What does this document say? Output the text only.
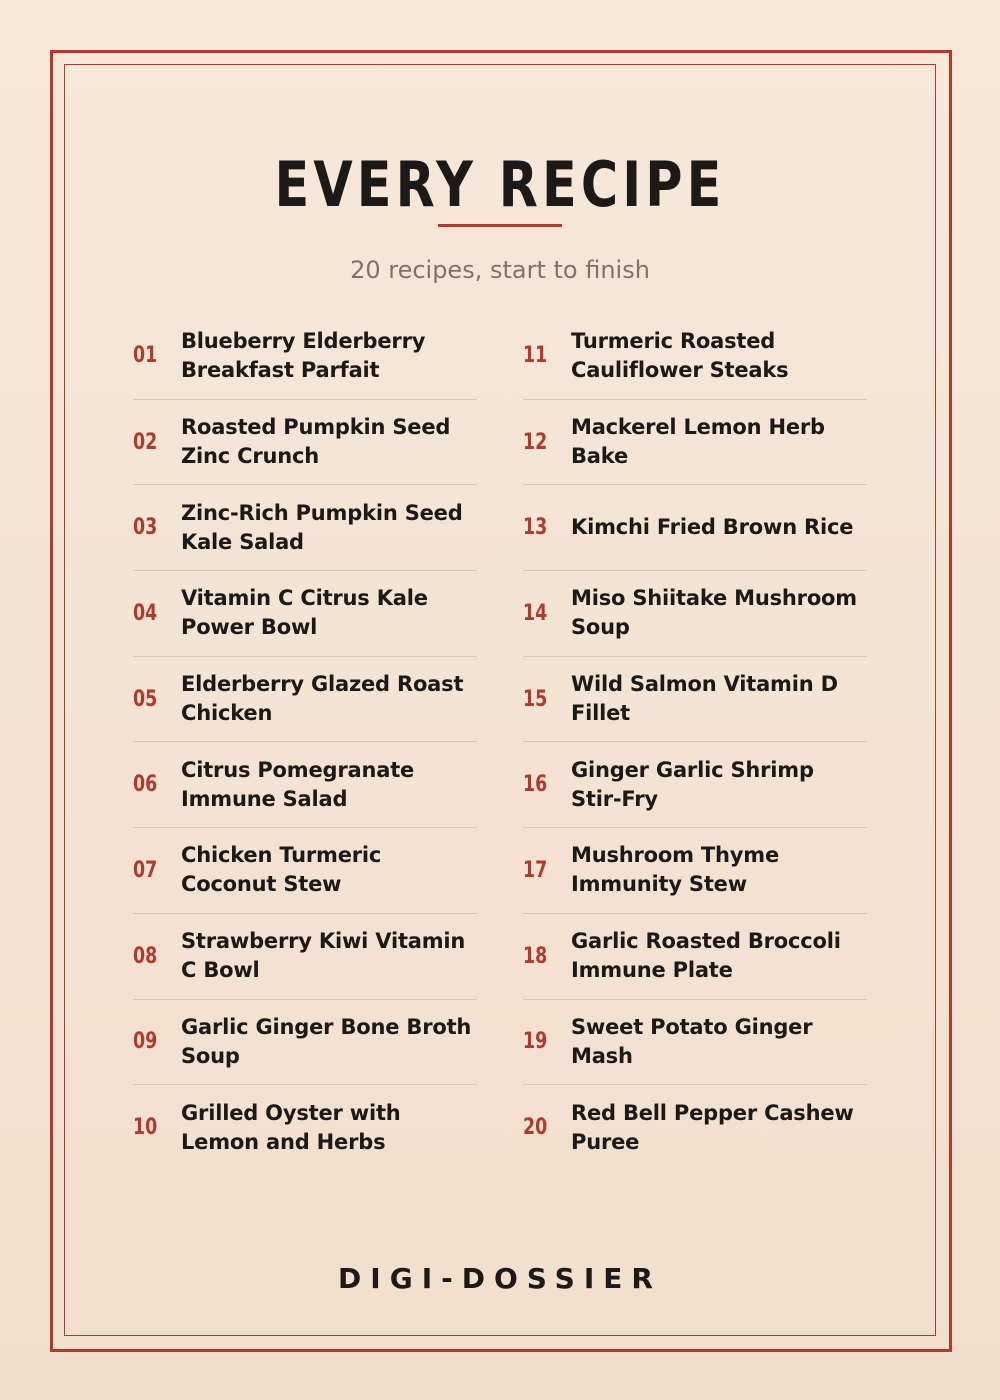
EVERY RECIPE
20 recipes, start to finish
01
Blueberry Elderberry Breakfast Parfait
02
Roasted Pumpkin Seed Zinc Crunch
03
Zinc-Rich Pumpkin Seed Kale Salad
04
Vitamin C Citrus Kale Power Bowl
05
Elderberry Glazed Roast Chicken
06
Citrus Pomegranate Immune Salad
07
Chicken Turmeric Coconut Stew
08
Strawberry Kiwi Vitamin C Bowl
09
Garlic Ginger Bone Broth Soup
10
Grilled Oyster with Lemon and Herbs
11
Turmeric Roasted Cauliflower Steaks
12
Mackerel Lemon Herb Bake
13	Kimchi Fried Brown Rice
14
Miso Shiitake Mushroom Soup
15
Wild Salmon Vitamin D Fillet
16
Ginger Garlic Shrimp Stir-Fry
17
Mushroom Thyme Immunity Stew
18
Garlic Roasted Broccoli Immune Plate
19
Sweet Potato Ginger Mash
20
Red Bell Pepper Cashew Puree
DIGI-DOSSIER
